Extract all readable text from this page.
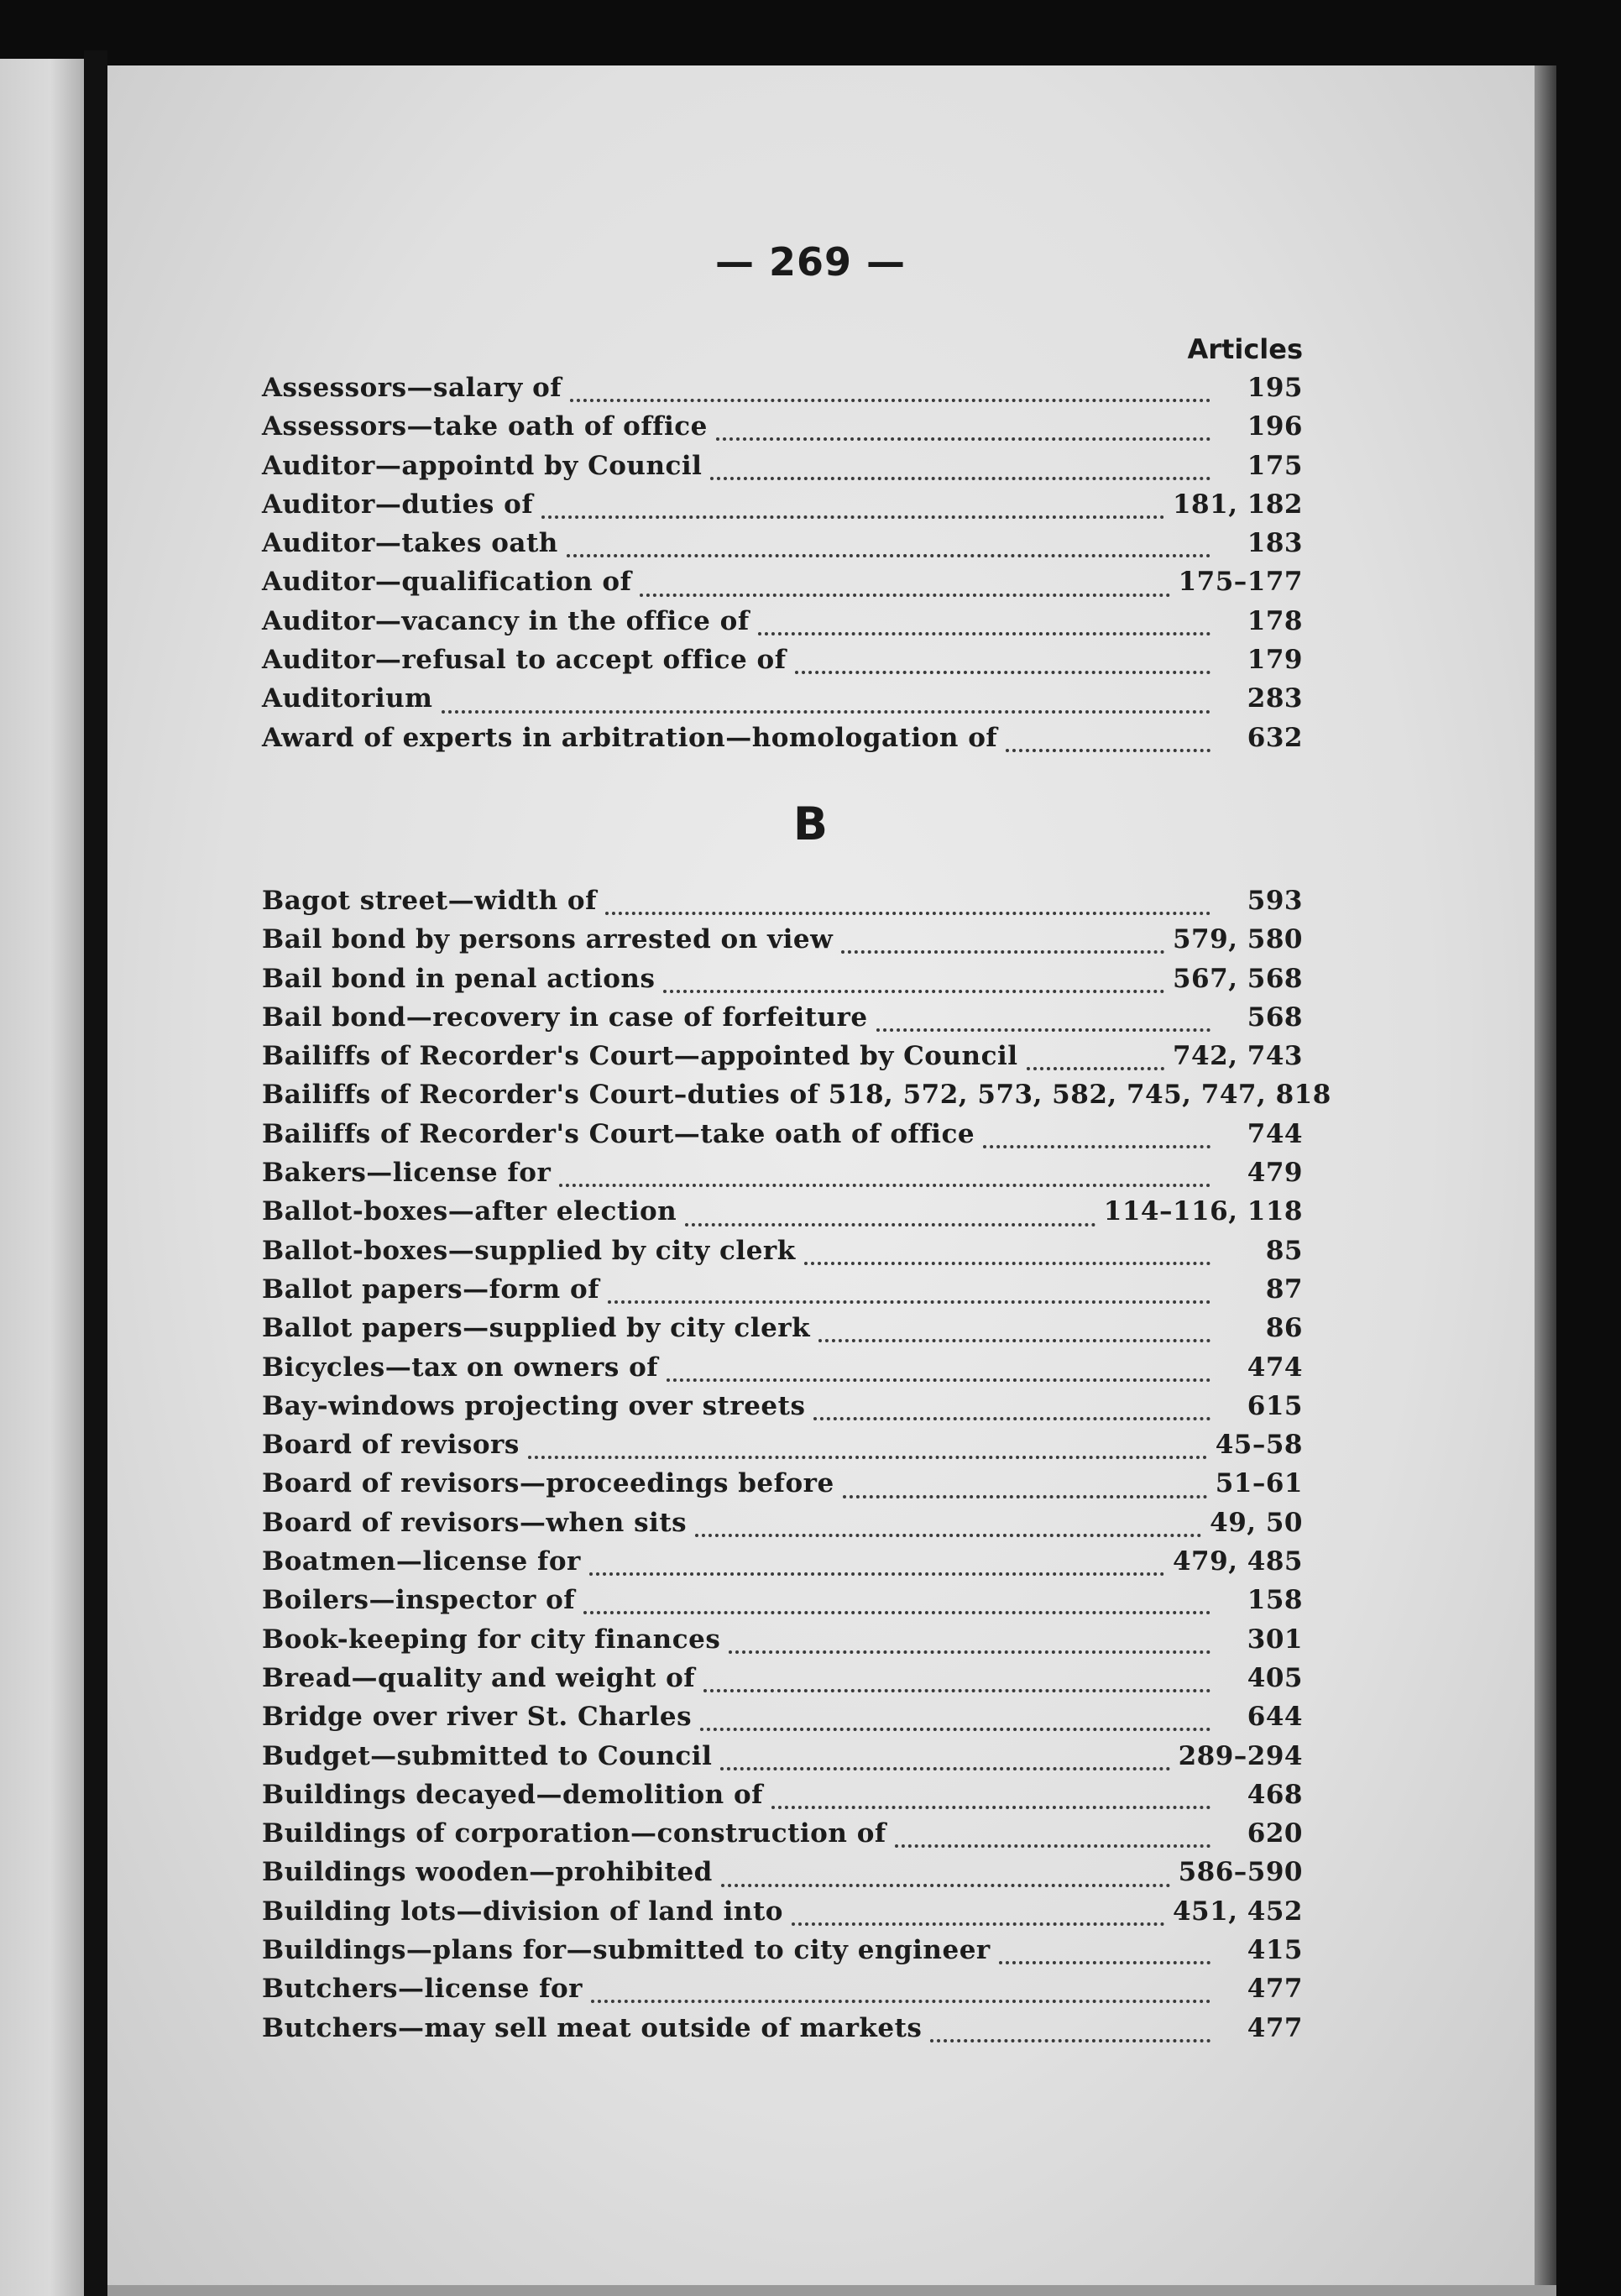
— 269 —
Articles
Assessors—salary of	195
Assessors—take oath of office	196
Auditor—appointd by Council	175
Auditor—duties of	181, 182
Auditor—takes oath	183
Auditor—qualification of	175–177
Auditor—vacancy in the office of	178
Auditor—refusal to accept office of	179
Auditorium	283
Award of experts in arbitration—homologation of	632
B
Bagot street—width of	593
Bail bond by persons arrested on view	579, 580
Bail bond in penal actions	567, 568
Bail bond—recovery in case of forfeiture	568
Bailiffs of Recorder's Court—appointed by Council	742, 743
Bailiffs of Recorder's Court–duties of 518, 572, 573, 582, 745, 747, 818
Bailiffs of Recorder's Court—take oath of office	744
Bakers—license for	479
Ballot-boxes—after election	114–116, 118
Ballot-boxes—supplied by city clerk	85
Ballot papers—form of	87
Ballot papers—supplied by city clerk	86
Bicycles—tax on owners of	474
Bay-windows projecting over streets	615
Board of revisors	45–58
Board of revisors—proceedings before	51–61
Board of revisors—when sits	49, 50
Boatmen—license for	479, 485
Boilers—inspector of	158
Book-keeping for city finances	301
Bread—quality and weight of	405
Bridge over river St. Charles	644
Budget—submitted to Council	289–294
Buildings decayed—demolition of	468
Buildings of corporation—construction of	620
Buildings wooden—prohibited	586–590
Building lots—division of land into	451, 452
Buildings—plans for—submitted to city engineer	415
Butchers—license for	477
Butchers—may sell meat outside of markets	477
